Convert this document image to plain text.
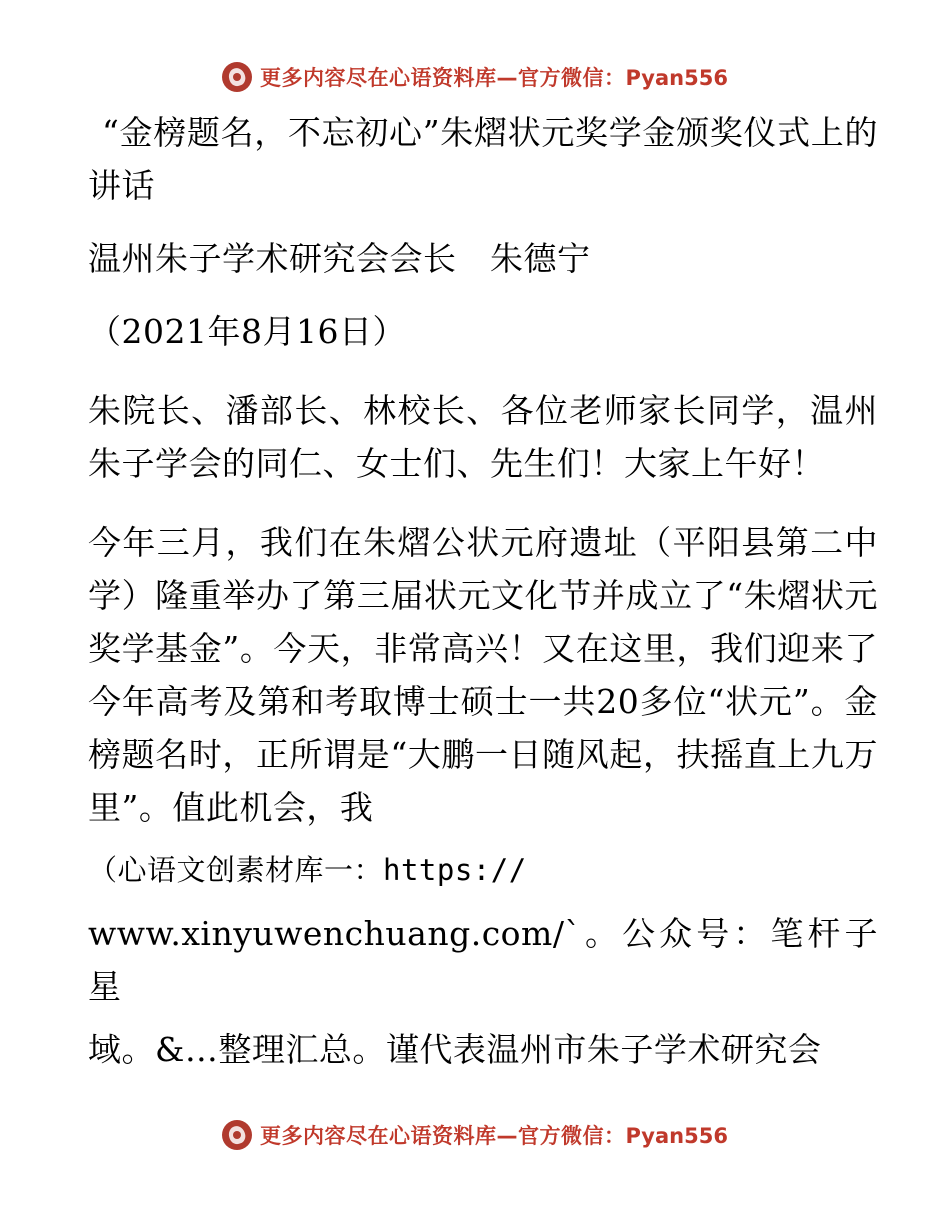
更多内容尽在心语资料库—官方微信：Pyan556

“金榜题名，不忘初心”朱熠状元奖学金颁奖仪式上的讲话

温州朱子学术研究会会长　朱德宁

（2021年8月16日）

朱院长、潘部长、林校长、各位老师家长同学，温州朱子学会的同仁、女士们、先生们！大家上午好！

今年三月，我们在朱熠公状元府遗址（平阳县第二中学）隆重举办了第三届状元文化节并成立了“朱熠状元奖学基金”。今天，非常高兴！又在这里，我们迎来了今年高考及第和考取博士硕士一共20多位“状元”。金榜题名时，正所谓是“大鹏一日随风起，扶摇直上九万里”。值此机会，我

（心语文创素材库一：https://

www.xinyuwenchuang.com/`。公众号：笔杆子星

域。&…整理汇总。谨代表温州市朱子学术研究会

更多内容尽在心语资料库—官方微信：Pyan556
